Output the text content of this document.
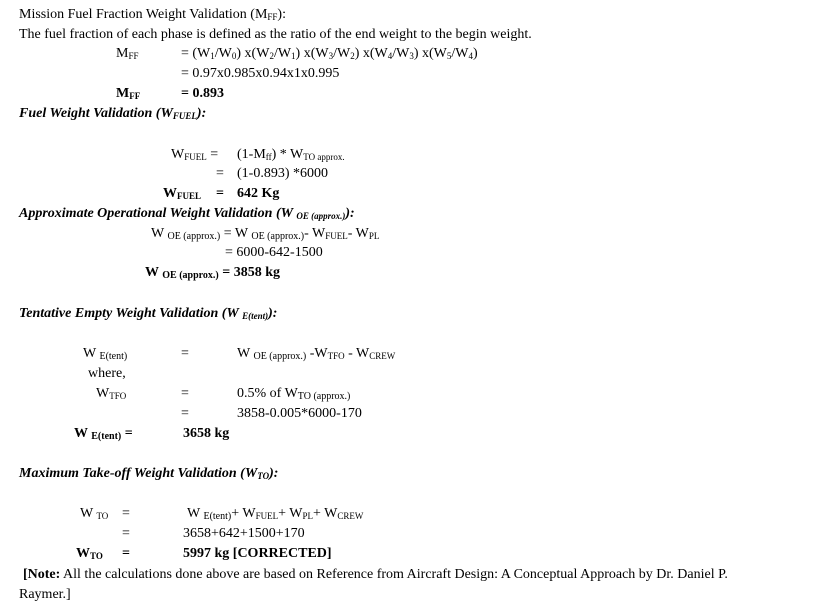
Mission Fuel Fraction Weight Validation $(M_{FF})$:
The fuel fraction of each phase is defined as the ratio of the end weight to the begin weight.
$M_{FF}$	= $(W_1/W_0)$ $x(W_2/W_1)$ $x(W_3/W_2)$ $x(W_4/W_3)$ $x(W_5/W_4)$
= 0.97x0.985x0.94x1x0.995
$M_{FF}$	= 0.893
Fuel Weight Validation $(W_{FUEL})$:
$W_{FUEL} = (1-M_{ff}) * W_{TO approx.}$
= (1-0.893) *6000
$W_{FUEL} = 642$ Kg
Approximate Operational Weight Validation (W $_{OE (approx.)}$):
W $_{OE (approx.)}$ = W $_{OE (approx.)}$- $W_{FUEL}-$ $W_{PL}$
= 6000-642-1500
W $_{OE (approx.)}$ = 3858 kg
Tentative Empty Weight Validation (W $_{E(tent)}$):
W $_{E(tent)}$	=	W $_{OE (approx.)}$ $-W_{TFO} - W_{CREW}$
where,
$W_{TFO}$	=	0.5% of $W_{TO (approx.)}$
=	3858-0.005*6000-170
W $_{E(tent)}$ =	3658 kg
Maximum Take-off Weight Validation $(W_{TO})$:
W $_{TO}$ =	W $_{E(tent)}+ W_{FUEL}+ W_{PL}+ W_{CREW}$
=	3658+642+1500+170
$W_{TO}$ =	5997 kg [CORRECTED]
[Note: All the calculations done above are based on Reference from Aircraft Design: A Conceptual Approach by Dr. Daniel P.
Raymer.]
